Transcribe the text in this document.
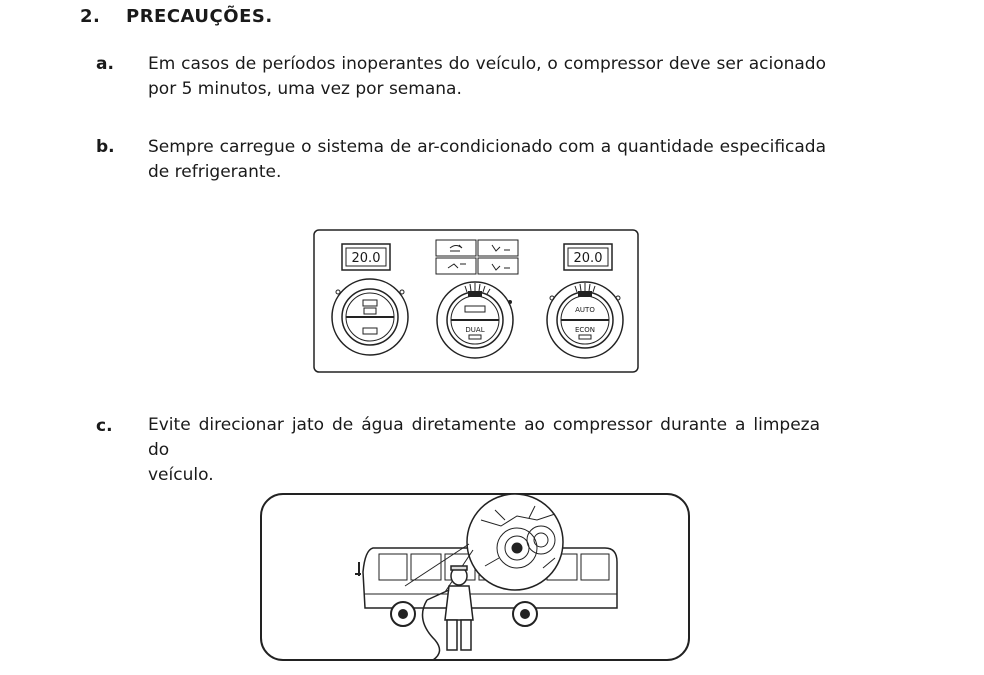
2. PRECAUÇÕES.
a. Em casos de períodos inoperantes do veículo, o compressor deve ser acionado
por 5 minutos, uma vez por semana.
b. Sempre carregue o sistema de ar-condicionado com a quantidade especificada
de refrigerante.
20.0	20.0
DUAL
AUTO
ECON
c. Evite direcionar jato de água diretamente ao compressor durante a limpeza do
veículo.
